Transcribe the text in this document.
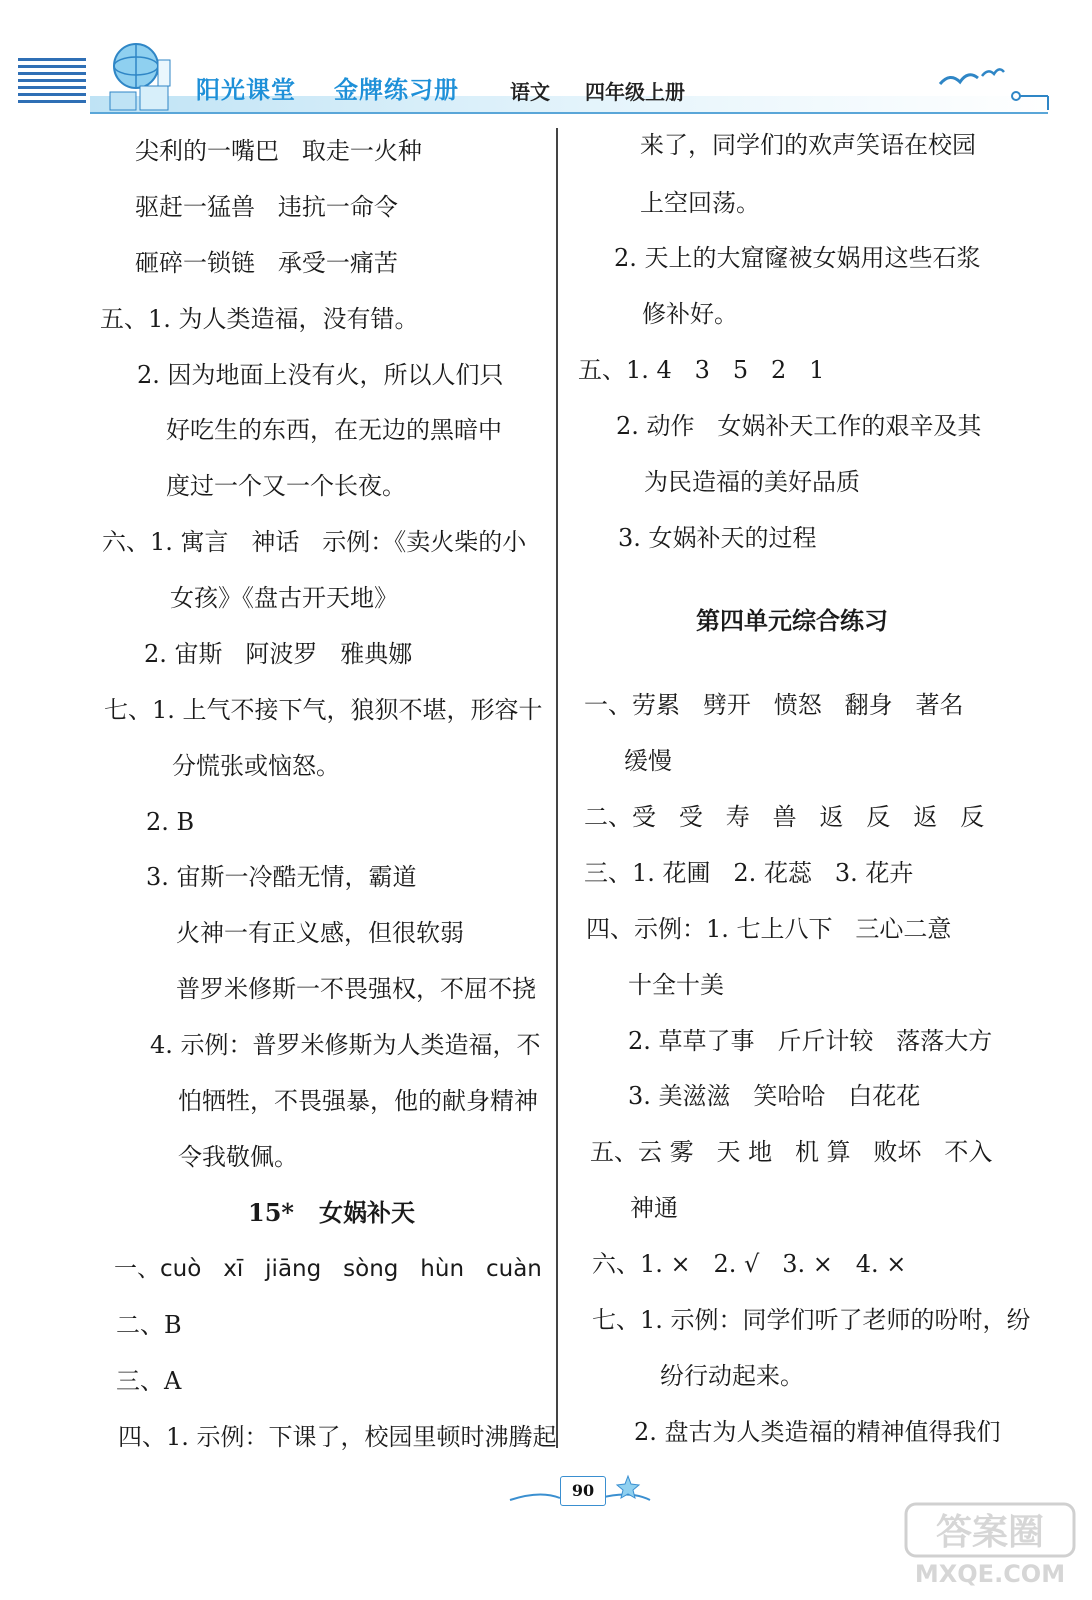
阳光课堂 金牌练习册	语文 四年级上册
尖利的一嘴巴   取走一火种
驱赶一猛兽   违抗一命令
砸碎一锁链   承受一痛苦
五、1. 为人类造福，没有错。
2. 因为地面上没有火，所以人们只
好吃生的东西，在无边的黑暗中
度过一个又一个长夜。
六、1. 寓言   神话   示例：《卖火柴的小
女孩》《盘古开天地》
2. 宙斯   阿波罗   雅典娜
七、1. 上气不接下气，狼狈不堪，形容十
分慌张或恼怒。
2. B
3. 宙斯一冷酷无情，霸道
火神一有正义感，但很软弱
普罗米修斯一不畏强权，不屈不挠
4. 示例：普罗米修斯为人类造福，不
怕牺牲，不畏强暴，他的献身精神
令我敬佩。
15*   女娲补天
一、cuò   xī   jiāng   sòng   hùn   cuàn
二、B
三、A
四、1. 示例：下课了，校园里顿时沸腾起
来了，同学们的欢声笑语在校园
上空回荡。
2. 天上的大窟窿被女娲用这些石浆
修补好。
五、1. 4   3   5   2   1
2. 动作   女娲补天工作的艰辛及其
为民造福的美好品质
3. 女娲补天的过程
第四单元综合练习
一、劳累   劈开   愤怒   翻身   著名
缓慢
二、受   受   寿   兽   返   反   返   反
三、1. 花圃   2. 花蕊   3. 花卉
四、示例：1. 七上八下   三心二意
十全十美
2. 草草了事   斤斤计较   落落大方
3. 美滋滋   笑哈哈   白花花
五、云 雾   天 地   机 算   败坏   不入
神通
六、1. ×   2. √   3. ×   4. ×
七、1. 示例：同学们听了老师的吩咐，纷
纷行动起来。
2. 盘古为人类造福的精神值得我们
90
答案圈
MXQE.COM
